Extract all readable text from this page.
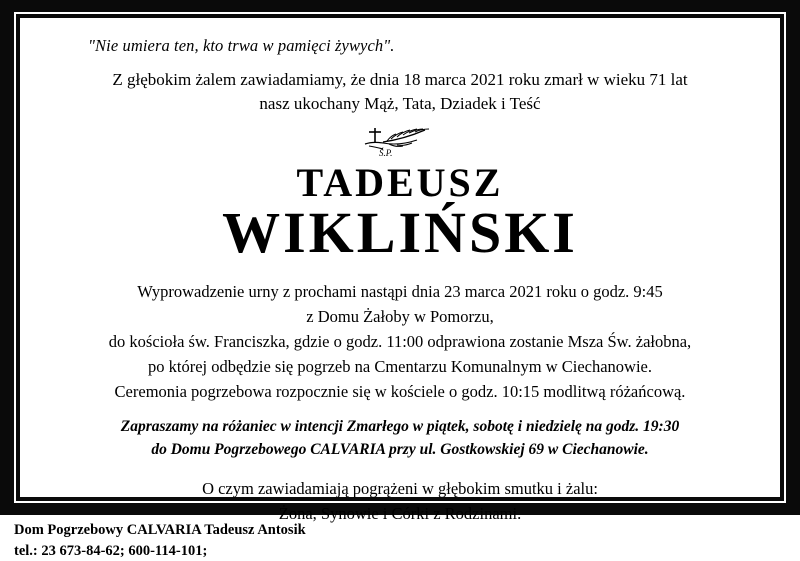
"Nie umiera ten, kto trwa w pamięci żywych".
Z głębokim żalem zawiadamiamy, że dnia 18 marca 2021 roku zmarł w wieku 71 lat
nasz ukochany Mąż, Tata, Dziadek i Teść
Ś.P.
TADEUSZ
WIKLIŃSKI
Wyprowadzenie urny z prochami nastąpi dnia 23 marca 2021 roku o godz. 9:45
z Domu Żałoby w Pomorzu,
do kościoła św. Franciszka, gdzie o godz. 11:00 odprawiona zostanie Msza Św. żałobna,
po której odbędzie się pogrzeb na Cmentarzu Komunalnym w Ciechanowie.
Ceremonia pogrzebowa rozpocznie się w kościele o godz. 10:15 modlitwą różańcową.
Zapraszamy na różaniec w intencji Zmarłego w piątek, sobotę i niedzielę na godz. 19:30
do Domu Pogrzebowego CALVARIA przy ul. Gostkowskiej 69 w Ciechanowie.
O czym zawiadamiają pogrążeni w głębokim smutku i żalu:
Żona, Synowie i Córki z Rodzinami.
Dom Pogrzebowy CALVARIA Tadeusz Antosik
tel.: 23 673-84-62; 600-114-101;
